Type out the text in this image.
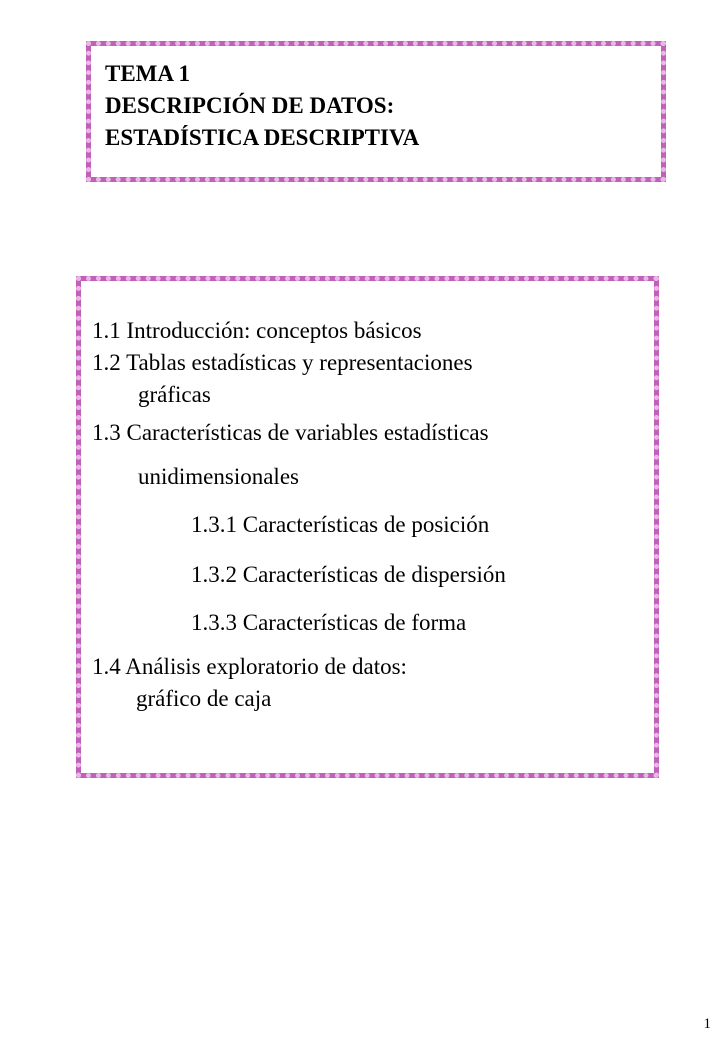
TEMA 1
DESCRIPCIÓN DE DATOS:
ESTADÍSTICA DESCRIPTIVA
1.1 Introducción: conceptos básicos
1.2 Tablas estadísticas y representaciones
gráficas
1.3 Características de variables estadísticas
unidimensionales
1.3.1 Características de posición
1.3.2 Características de dispersión
1.3.3 Características de forma
1.4 Análisis exploratorio de datos:
gráfico de caja
1
